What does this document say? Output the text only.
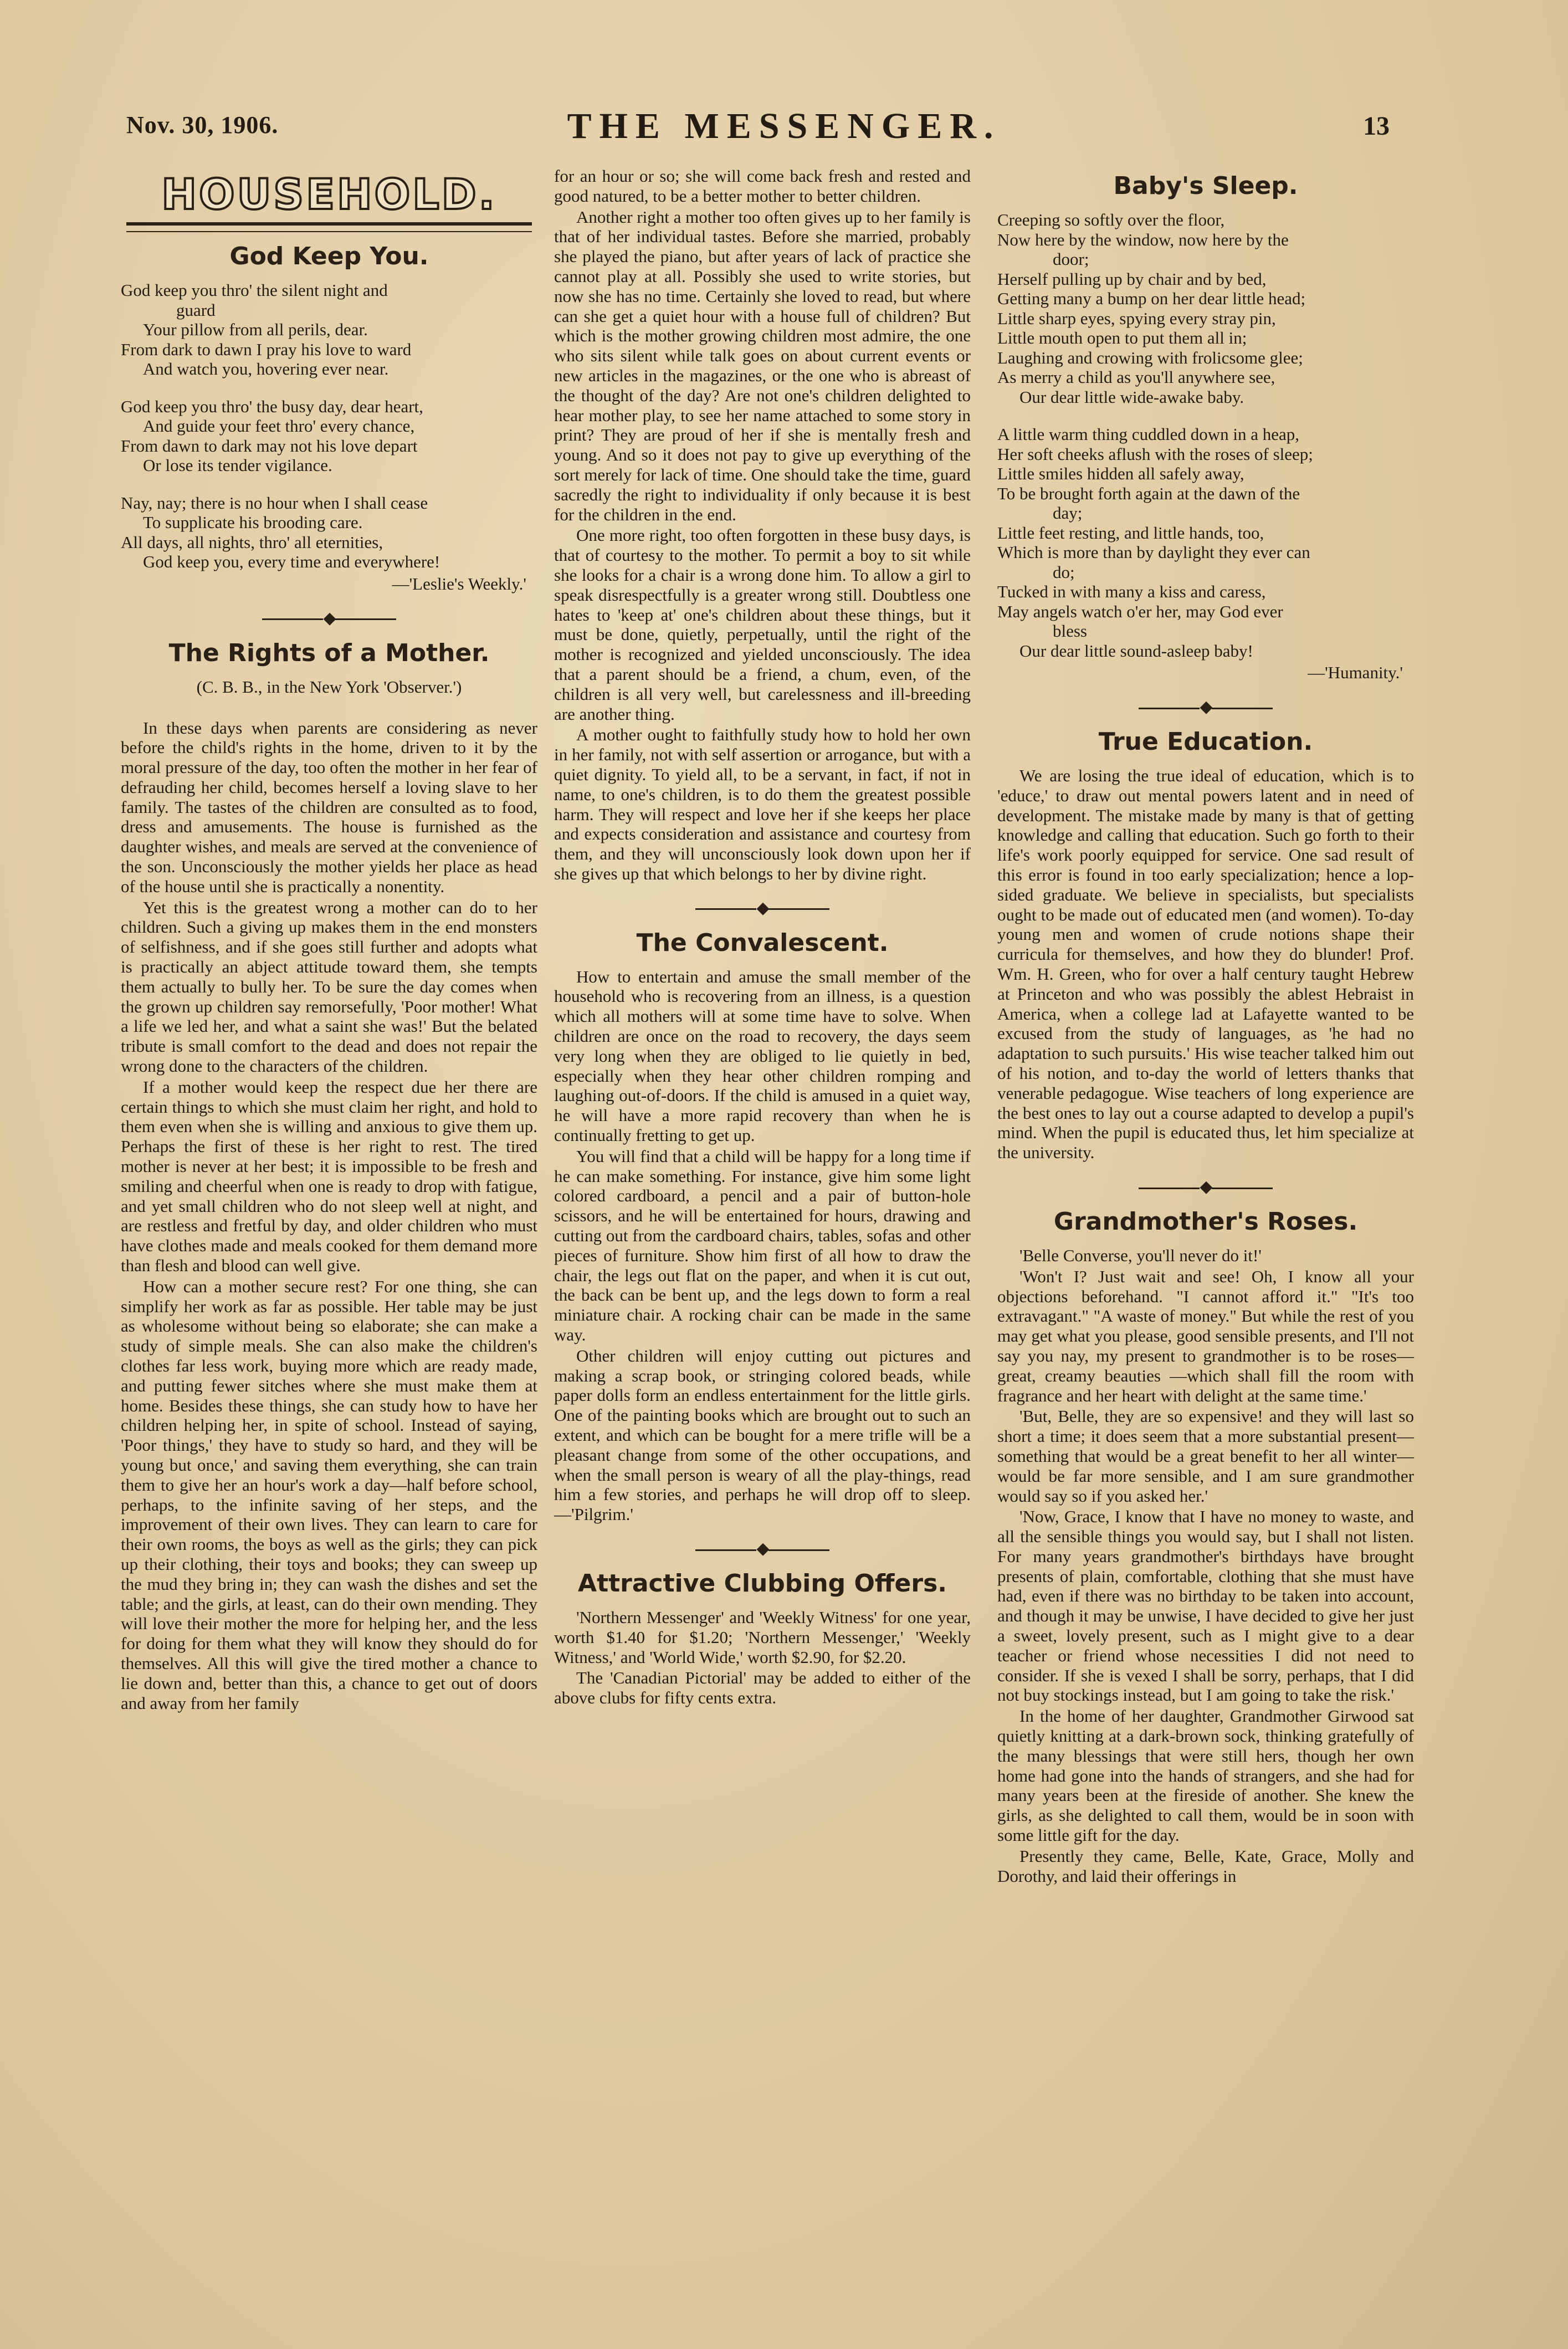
Nov. 30, 1906.	THE MESSENGER.	13
HOUSEHOLD.
God Keep You.

God keep you thro' the silent night and

guard

Your pillow from all perils, dear.

From dark to dawn I pray his love to ward

And watch you, hovering ever near.

God keep you thro' the busy day, dear heart,

And guide your feet thro' every chance,

From dawn to dark may not his love depart

Or lose its tender vigilance.

Nay, nay; there is no hour when I shall cease

To supplicate his brooding care.

All days, all nights, thro' all eternities,

God keep you, every time and everywhere!

—'Leslie's Weekly.'
◆
The Rights of a Mother.
(C. B. B., in the New York 'Observer.')

In these days when parents are considering as never before the child's rights in the home, driven to it by the moral pressure of the day, too often the mother in her fear of defrauding her child, becomes herself a loving slave to her family. The tastes of the children are consulted as to food, dress and amusements. The house is furnished as the daughter wishes, and meals are served at the convenience of the son. Unconsciously the mother yields her place as head of the house until she is practically a nonentity.

Yet this is the greatest wrong a mother can do to her children. Such a giving up makes them in the end monsters of selfishness, and if she goes still further and adopts what is practically an abject attitude toward them, she tempts them actually to bully her. To be sure the day comes when the grown up children say remorsefully, 'Poor mother! What a life we led her, and what a saint she was!' But the belated tribute is small comfort to the dead and does not repair the wrong done to the characters of the children.

If a mother would keep the respect due her there are certain things to which she must claim her right, and hold to them even when she is willing and anxious to give them up. Perhaps the first of these is her right to rest. The tired mother is never at her best; it is impossible to be fresh and smiling and cheerful when one is ready to drop with fatigue, and yet small children who do not sleep well at night, and are restless and fretful by day, and older children who must have clothes made and meals cooked for them demand more than flesh and blood can well give.

How can a mother secure rest? For one thing, she can simplify her work as far as possible. Her table may be just as wholesome without being so elaborate; she can make a study of simple meals. She can also make the children's clothes far less work, buying more which are ready made, and putting fewer sitches where she must make them at home. Besides these things, she can study how to have her children helping her, in spite of school. Instead of saying, 'Poor things,' they have to study so hard, and they will be young but once,' and saving them everything, she can train them to give her an hour's work a day—half before school, perhaps, to the infinite saving of her steps, and the improvement of their own lives. They can learn to care for their own rooms, the boys as well as the girls; they can pick up their clothing, their toys and books; they can sweep up the mud they bring in; they can wash the dishes and set the table; and the girls, at least, can do their own mending. They will love their mother the more for helping her, and the less for doing for them what they will know they should do for themselves. All this will give the tired mother a chance to lie down and, better than this, a chance to get out of doors and away from her family

for an hour or so; she will come back fresh and rested and good natured, to be a better mother to better children.

Another right a mother too often gives up to her family is that of her individual tastes. Before she married, probably she played the piano, but after years of lack of practice she cannot play at all. Possibly she used to write stories, but now she has no time. Certainly she loved to read, but where can she get a quiet hour with a house full of children? But which is the mother growing children most admire, the one who sits silent while talk goes on about current events or new articles in the magazines, or the one who is abreast of the thought of the day? Are not one's children delighted to hear mother play, to see her name attached to some story in print? They are proud of her if she is mentally fresh and young. And so it does not pay to give up everything of the sort merely for lack of time. One should take the time, guard sacredly the right to individuality if only because it is best for the children in the end.

One more right, too often forgotten in these busy days, is that of courtesy to the mother. To permit a boy to sit while she looks for a chair is a wrong done him. To allow a girl to speak disrespectfully is a greater wrong still. Doubtless one hates to 'keep at' one's children about these things, but it must be done, quietly, perpetually, until the right of the mother is recognized and yielded unconsciously. The idea that a parent should be a friend, a chum, even, of the children is all very well, but carelessness and ill-breeding are another thing.

A mother ought to faithfully study how to hold her own in her family, not with self assertion or arrogance, but with a quiet dignity. To yield all, to be a servant, in fact, if not in name, to one's children, is to do them the greatest possible harm. They will respect and love her if she keeps her place and expects consideration and assistance and courtesy from them, and they will unconsciously look down upon her if she gives up that which belongs to her by divine right.

◆
The Convalescent.

How to entertain and amuse the small member of the household who is recovering from an illness, is a question which all mothers will at some time have to solve. When children are once on the road to recovery, the days seem very long when they are obliged to lie quietly in bed, especially when they hear other children romping and laughing out-of-doors. If the child is amused in a quiet way, he will have a more rapid recovery than when he is continually fretting to get up.

You will find that a child will be happy for a long time if he can make something. For instance, give him some light colored cardboard, a pencil and a pair of button-hole scissors, and he will be entertained for hours, drawing and cutting out from the cardboard chairs, tables, sofas and other pieces of furniture. Show him first of all how to draw the chair, the legs out flat on the paper, and when it is cut out, the back can be bent up, and the legs down to form a real miniature chair. A rocking chair can be made in the same way.

Other children will enjoy cutting out pictures and making a scrap book, or stringing colored beads, while paper dolls form an endless entertainment for the little girls. One of the painting books which are brought out to such an extent, and which can be bought for a mere trifle will be a pleasant change from some of the other occupations, and when the small person is weary of all the play-things, read him a few stories, and perhaps he will drop off to sleep.—'Pilgrim.'

◆
Attractive Clubbing Offers.

'Northern Messenger' and 'Weekly Witness' for one year, worth $1.40 for $1.20; 'Northern Messenger,' 'Weekly Witness,' and 'World Wide,' worth $2.90, for $2.20.

The 'Canadian Pictorial' may be added to either of the above clubs for fifty cents extra.

Baby's Sleep.

Creeping so softly over the floor,

Now here by the window, now here by the

door;

Herself pulling up by chair and by bed,

Getting many a bump on her dear little head;

Little sharp eyes, spying every stray pin,

Little mouth open to put them all in;

Laughing and crowing with frolicsome glee;

As merry a child as you'll anywhere see,

Our dear little wide-awake baby.

A little warm thing cuddled down in a heap,

Her soft cheeks aflush with the roses of sleep;

Little smiles hidden all safely away,

To be brought forth again at the dawn of the

day;

Little feet resting, and little hands, too,

Which is more than by daylight they ever can

do;

Tucked in with many a kiss and caress,

May angels watch o'er her, may God ever

bless

Our dear little sound-asleep baby!

—'Humanity.'
◆
True Education.

We are losing the true ideal of education, which is to 'educe,' to draw out mental powers latent and in need of development. The mistake made by many is that of getting knowledge and calling that education. Such go forth to their life's work poorly equipped for service. One sad result of this error is found in too early specialization; hence a lop-sided graduate. We believe in specialists, but specialists ought to be made out of educated men (and women). To-day young men and women of crude notions shape their curricula for themselves, and how they do blunder! Prof. Wm. H. Green, who for over a half century taught Hebrew at Princeton and who was possibly the ablest Hebraist in America, when a college lad at Lafayette wanted to be excused from the study of languages, as 'he had no adaptation to such pursuits.' His wise teacher talked him out of his notion, and to-day the world of letters thanks that venerable pedagogue. Wise teachers of long experience are the best ones to lay out a course adapted to develop a pupil's mind. When the pupil is educated thus, let him specialize at the university.

◆
Grandmother's Roses.

'Belle Converse, you'll never do it!'

'Won't I? Just wait and see! Oh, I know all your objections beforehand. "I cannot afford it." "It's too extravagant." "A waste of money." But while the rest of you may get what you please, good sensible presents, and I'll not say you nay, my present to grandmother is to be roses—great, creamy beauties —which shall fill the room with fragrance and her heart with delight at the same time.'

'But, Belle, they are so expensive! and they will last so short a time; it does seem that a more substantial present— something that would be a great benefit to her all winter— would be far more sensible, and I am sure grandmother would say so if you asked her.'

'Now, Grace, I know that I have no money to waste, and all the sensible things you would say, but I shall not listen. For many years grandmother's birthdays have brought presents of plain, comfortable, clothing that she must have had, even if there was no birthday to be taken into account, and though it may be unwise, I have decided to give her just a sweet, lovely present, such as I might give to a dear teacher or friend whose necessities I did not need to consider. If she is vexed I shall be sorry, perhaps, that I did not buy stockings instead, but I am going to take the risk.'

In the home of her daughter, Grandmother Girwood sat quietly knitting at a dark-brown sock, thinking gratefully of the many blessings that were still hers, though her own home had gone into the hands of strangers, and she had for many years been at the fireside of another. She knew the girls, as she delighted to call them, would be in soon with some little gift for the day.

Presently they came, Belle, Kate, Grace, Molly and Dorothy, and laid their offerings in
